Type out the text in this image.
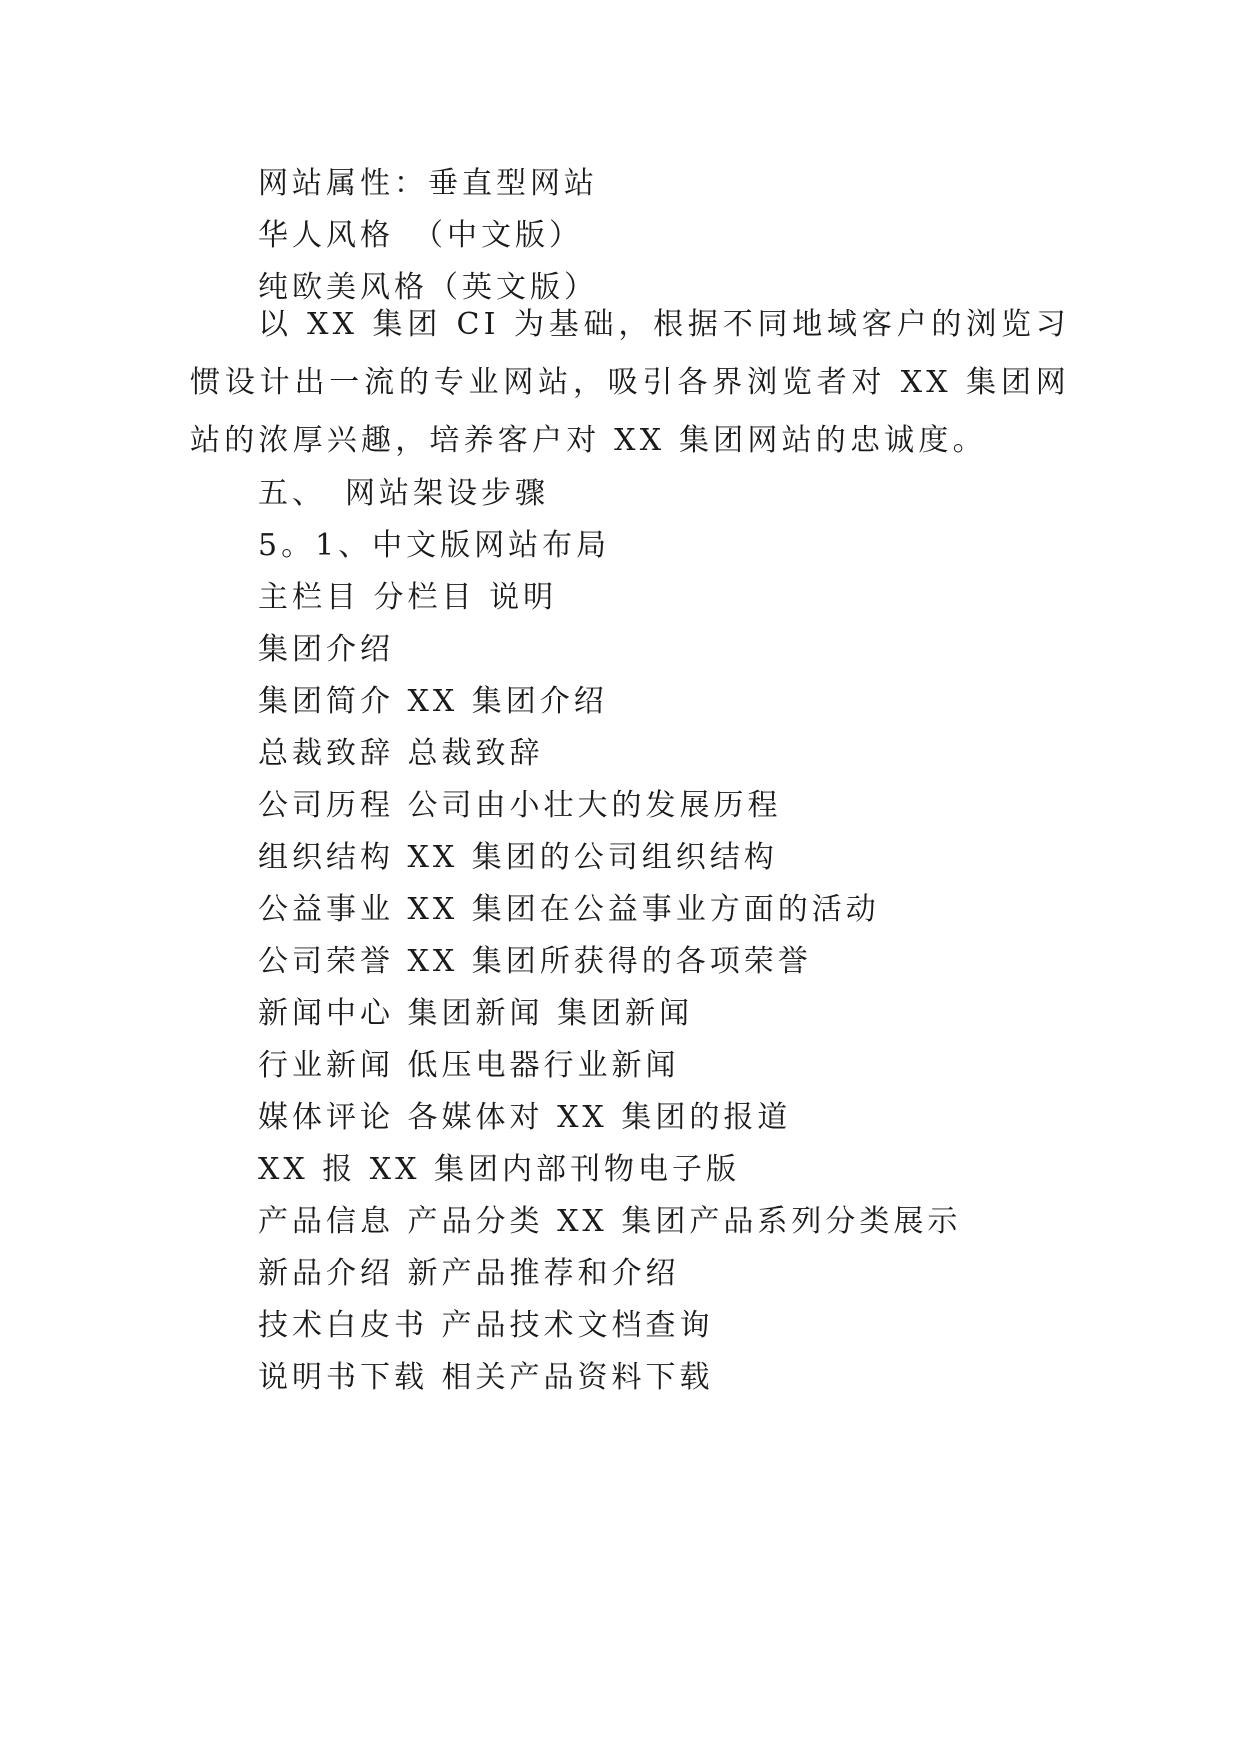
网站属性：垂直型网站
华人风格　（中文版）
纯欧美风格（英文版）
以 XX 集团 CI 为基础，根据不同地域客户的浏览习惯设计出一流的专业网站，吸引各界浏览者对 XX 集团网站的浓厚兴趣，培养客户对 XX 集团网站的忠诚度。
五、　网站架设步骤
5。1、中文版网站布局
主栏目 分栏目 说明
集团介绍
集团简介 XX 集团介绍
总裁致辞 总裁致辞
公司历程 公司由小壮大的发展历程
组织结构 XX 集团的公司组织结构
公益事业 XX 集团在公益事业方面的活动
公司荣誉 XX 集团所获得的各项荣誉
新闻中心 集团新闻 集团新闻
行业新闻 低压电器行业新闻
媒体评论 各媒体对 XX 集团的报道
XX 报 XX 集团内部刊物电子版
产品信息 产品分类 XX 集团产品系列分类展示
新品介绍 新产品推荐和介绍
技术白皮书 产品技术文档查询
说明书下载 相关产品资料下载
